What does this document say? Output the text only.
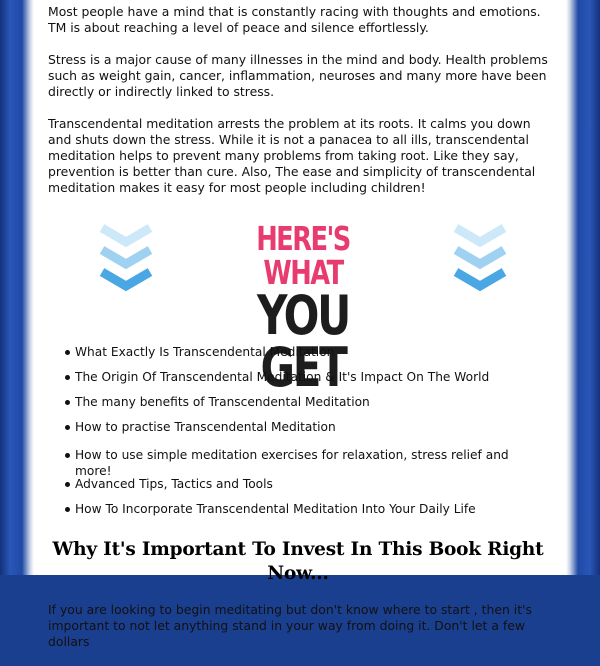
Most people have a mind that is constantly racing with thoughts and emotions. TM is about reaching a level of peace and silence effortlessly.

Stress is a major cause of many illnesses in the mind and body. Health problems such as weight gain, cancer, inflammation, neuroses and many more have been directly or indirectly linked to stress.

Transcendental meditation arrests the problem at its roots. It calms you down and shuts down the stress. While it is not a panacea to all ills, transcendental meditation helps to prevent many problems from taking root. Like they say, prevention is better than cure. Also, The ease and simplicity of transcendental meditation makes it easy for most people including children!

HERE'S WHAT
YOU GET
What Exactly Is Transcendental Meditation
The Origin Of Transcendental Meditation & It's Impact On The World
The many benefits of Transcendental Meditation
How to practise Transcendental Meditation
How to use simple meditation exercises for relaxation, stress relief and more!
Advanced Tips, Tactics and Tools
How To Incorporate Transcendental Meditation Into Your Daily Life
Why It's Important To Invest In This Book Right Now...

If you are looking to begin meditating but don't know where to start , then it's important to not let anything stand in your way from doing it. Don't let a few dollars
